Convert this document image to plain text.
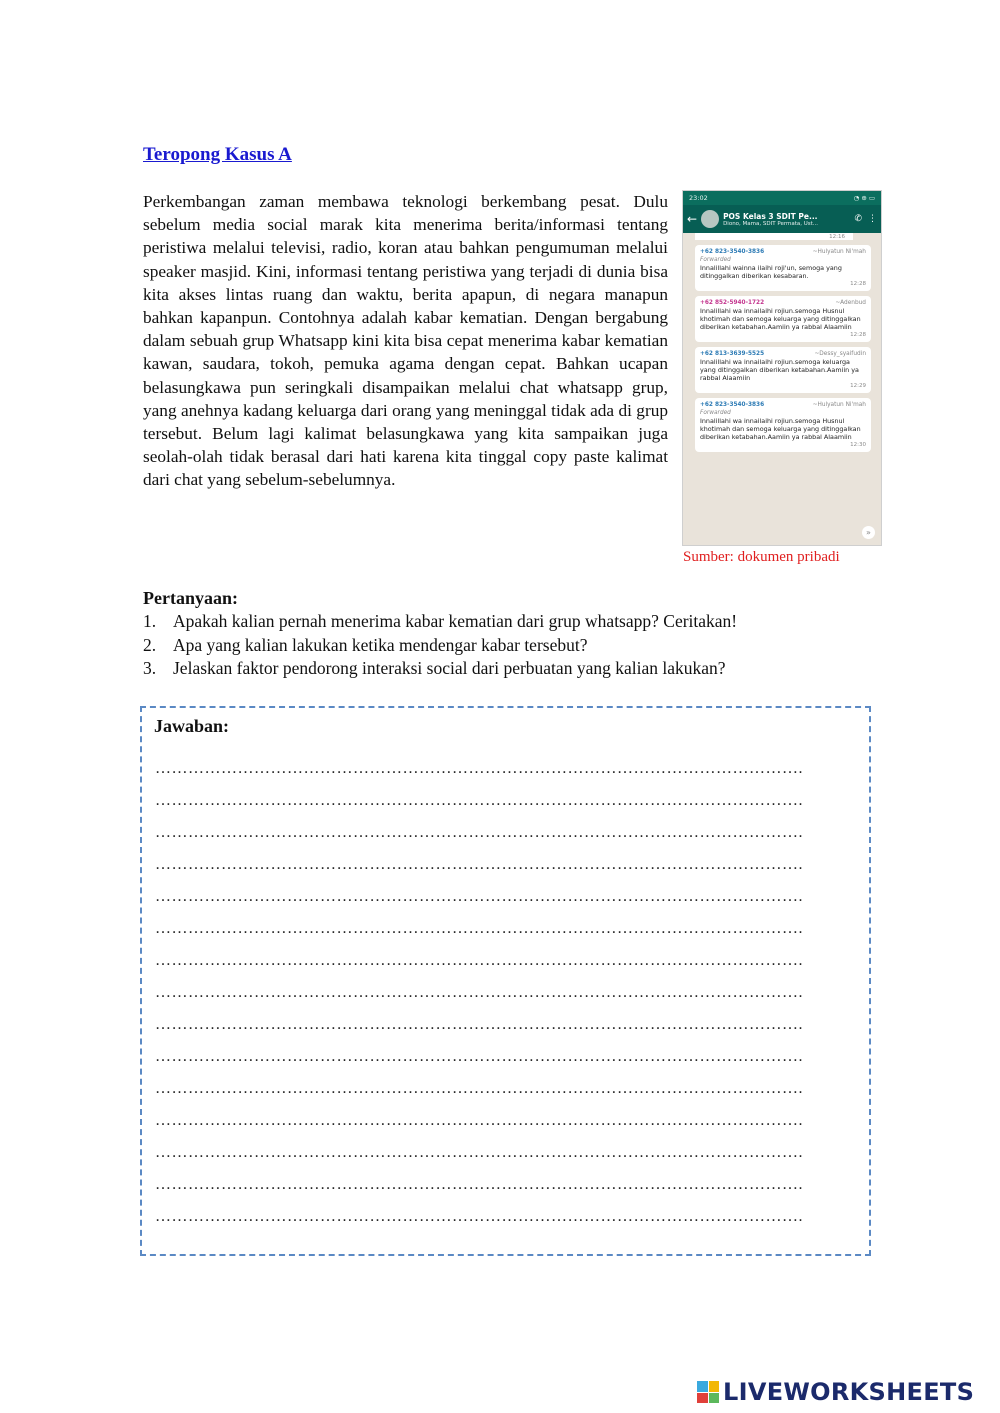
Teropong Kasus A
Perkembangan zaman membawa teknologi berkembang pesat. Dulu sebelum media social marak kita menerima berita/informasi tentang peristiwa melalui televisi, radio, koran atau bahkan pengumuman melalui speaker masjid. Kini, informasi tentang peristiwa yang terjadi di dunia bisa kita akses lintas ruang dan waktu, berita apapun, di negara manapun bahkan kapanpun. Contohnya adalah kabar kematian. Dengan bergabung dalam sebuah grup Whatsapp kini kita bisa cepat menerima kabar kematian kawan, saudara, tokoh, pemuka agama dengan cepat. Bahkan ucapan belasungkawa pun seringkali disampaikan melalui chat whatsapp grup, yang anehnya kadang keluarga dari orang yang meninggal tidak ada di grup tersebut. Belum lagi kalimat belasungkawa yang kita sampaikan juga seolah-olah tidak berasal dari hati karena kita tinggal copy paste kalimat dari chat yang sebelum-sebelumnya.
23:02	◔ ⊕ ▭
←	POS Kelas 3 SDIT Pe...
Diono, Mama, SDIT Permata, Ust...	✆ ⋮
12:16
+62 823-3540-3836	~Hulyatun Ni'mah
Forwarded
Innalillahi wainna ilaihi roji'un, semoga yang ditinggalkan diberikan kesabaran.
12:28
+62 852-5940-1722	~Adenbud
Innalillahi wa innailaihi rojiun.semoga Husnul khotimah dan semoga keluarga yang ditinggalkan diberikan ketabahan.Aamiin ya rabbal Alaamiin
12:28
+62 813-3639-5525	~Dessy_syaifudin
Innalillahi wa innailaihi rojiun.semoga keluarga yang ditinggalkan diberikan ketabahan.Aamiin ya rabbal Alaamiin
12:29
+62 823-3540-3836	~Hulyatun Ni'mah
Forwarded
Innalillahi wa innailaihi rojiun.semoga Husnul khotimah dan semoga keluarga yang ditinggalkan diberikan ketabahan.Aamiin ya rabbal Alaamiin
12:30
»
Sumber: dokumen pribadi
Pertanyaan:
1. Apakah kalian pernah menerima kabar kematian dari grup whatsapp? Ceritakan!
2. Apa yang kalian lakukan ketika mendengar kabar tersebut?
3. Jelaskan faktor pendorong interaksi social dari perbuatan yang kalian lakukan?
Jawaban:
……………………………………………………………………………………………………….
……………………………………………………………………………………………………….
……………………………………………………………………………………………………….
……………………………………………………………………………………………………….
……………………………………………………………………………………………………….
……………………………………………………………………………………………………….
……………………………………………………………………………………………………….
……………………………………………………………………………………………………….
……………………………………………………………………………………………………….
……………………………………………………………………………………………………….
……………………………………………………………………………………………………….
……………………………………………………………………………………………………….
……………………………………………………………………………………………………….
……………………………………………………………………………………………………….
……………………………………………………………………………………………………….
LIVEWORKSHEETS
